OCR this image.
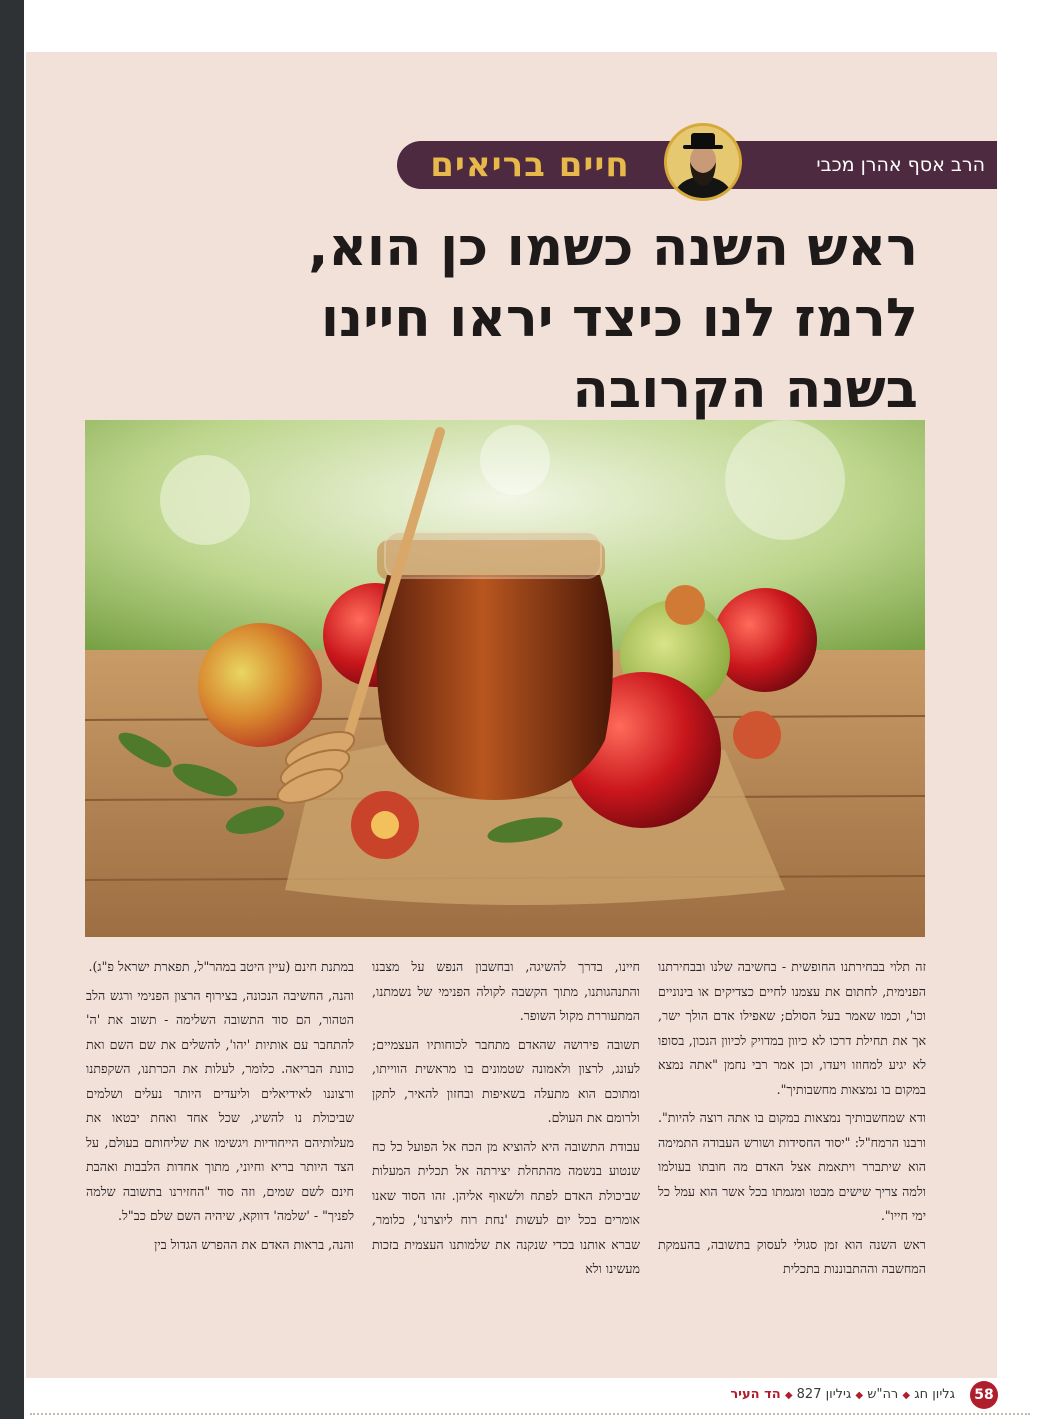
חיים בריאים	הרב אסף אהרן מכבי
ראש השנה כשמו כן הוא,
לרמז לנו כיצד יראו חיינו
בשנה הקרובה

זה תלוי בבחירתנו החופשית - בחשיבה שלנו ובבחירתנו הפנימית, לחתום את עצמנו לחיים כצדיקים או בינוניים וכו', וכמו שאמר בעל הסולם; שאפילו אדם הולך ישר, אך את תחילת דרכו לא כיוון במדויק לכיוון הנכון, בסופו לא יגיע למחוזו ויעדו, וכן אמר רבי נחמן "אתה נמצא במקום בו נמצאות מחשבותיך".

ודא שמחשבותיך נמצאות במקום בו אתה רוצה להיות". ורבנו הרמח"ל: "יסוד החסידות ושורש העבודה התמימה הוא שיתברר ויתאמת אצל האדם מה חובתו בעולמו ולמה צריך שישים מבטו ומגמתו בכל אשר הוא עמל כל ימי חייו".

ראש השנה הוא זמן סגולי לעסוק בתשובה, בהעמקת המחשבה וההתבוננות בתכלית

חיינו, בדרך להשיגה, ובחשבון הנפש על מצבנו והתנהגותנו, מתוך הקשבה לקולה הפנימי של נשמתנו, המתעוררת מקול השופר.

תשובה פירושה שהאדם מתחבר לכוחותיו העצמיים; לעונג, לרצון ולאמונה שטמונים בו מראשית הווייתו, ומתוכם הוא מתעלה בשאיפות ובחזון להאיר, לתקן ולרומם את העולם.

עבודת התשובה היא להוציא מן הכח אל הפועל כל כח שנטוע בנשמה מהתחלת יצירתה אל תכלית המעלות שביכולת האדם לפתח ולשאוף אליהן. זהו הסוד שאנו אומרים בכל יום לעשות 'נחת רוח ליוצרנו', כלומר, שברא אותנו בכדי שנקנה את שלמותנו העצמית בזכות מעשינו ולא

במתנת חינם (עיין היטב במהר"ל, תפארת ישראל פ"ג).

והנה, החשיבה הנכונה, בצירוף הרצון הפנימי ורגש הלב הטהור, הם סוד התשובה השלימה - תשוב את 'ה' להתחבר עם אותיות 'יהו', להשלים את שם השם ואת כוונת הבריאה. כלומר, לעלות את הכרתנו, השקפתנו ורצוננו לאידיאלים וליעדים היותר נעלים ושלמים שביכולת נו להשיג, שכל אחד ואחת יבטאו את מעלותיהם הייחודיות ויגשימו את שליחותם בעולם, על הצד היותר בריא וחיוני, מתוך אחדות הלבבות ואהבת חינם לשם שמים, וזה סוד "החזירנו בתשובה שלמה לפניך" - 'שלמה' דווקא, שיהיה השם שלם כב"ל.

והנה, בראות האדם את ההפרש הגדול בין

גליון חג ◆ רה"ש ◆ גיליון 827 ◆ הד העיר	58
